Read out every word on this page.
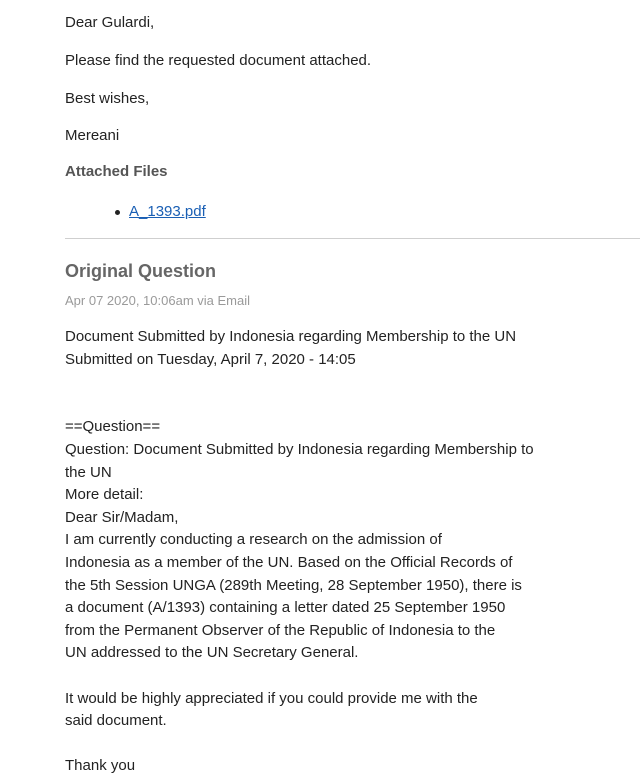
Dear Gulardi,

Please find the requested document attached.

Best wishes,

Mereani

Attached Files
A_1393.pdf
Original Question
Apr 07 2020, 10:06am via Email
Document Submitted by Indonesia regarding Membership to the UN
Submitted on Tuesday, April 7, 2020 - 14:05
==Question==
Question: Document Submitted by Indonesia regarding Membership to
the UN
More detail:
Dear Sir/Madam,
I am currently conducting a research on the admission of
Indonesia as a member of the UN. Based on the Official Records of
the 5th Session UNGA (289th Meeting, 28 September 1950), there is
a document (A/1393) containing a letter dated 25 September 1950
from the Permanent Observer of the Republic of Indonesia to the
UN addressed to the UN Secretary General.
It would be highly appreciated if you could provide me with the
said document.
Thank you
